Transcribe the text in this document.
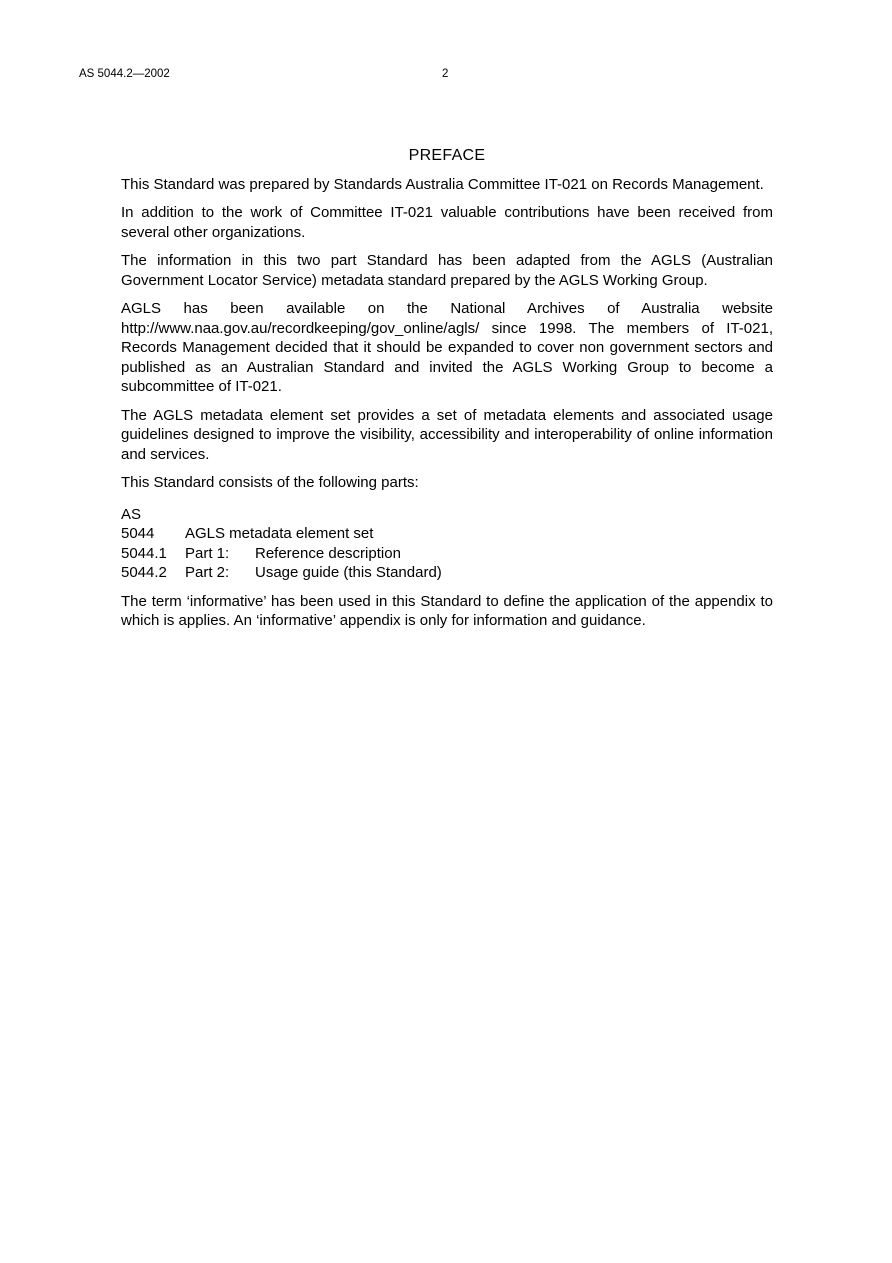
AS 5044.2—2002	2
PREFACE

This Standard was prepared by Standards Australia Committee IT-021 on Records Management.

In addition to the work of Committee IT-021 valuable contributions have been received from several other organizations.

The information in this two part Standard has been adapted from the AGLS (Australian Government Locator Service) metadata standard prepared by the AGLS Working Group.

AGLS has been available on the National Archives of Australia website http://www.naa.gov.au/recordkeeping/gov_online/agls/ since 1998. The members of IT-021, Records Management decided that it should be expanded to cover non government sectors and published as an Australian Standard and invited the AGLS Working Group to become a subcommittee of IT-021.

The AGLS metadata element set provides a set of metadata elements and associated usage guidelines designed to improve the visibility, accessibility and interoperability of online information and services.

This Standard consists of the following parts:

AS		
5044	AGLS metadata element set	
5044.1	Part 1:	Reference description
5044.2	Part 2:	Usage guide (this Standard)

The term ‘informative’ has been used in this Standard to define the application of the appendix to which is applies. An ‘informative’ appendix is only for information and guidance.
